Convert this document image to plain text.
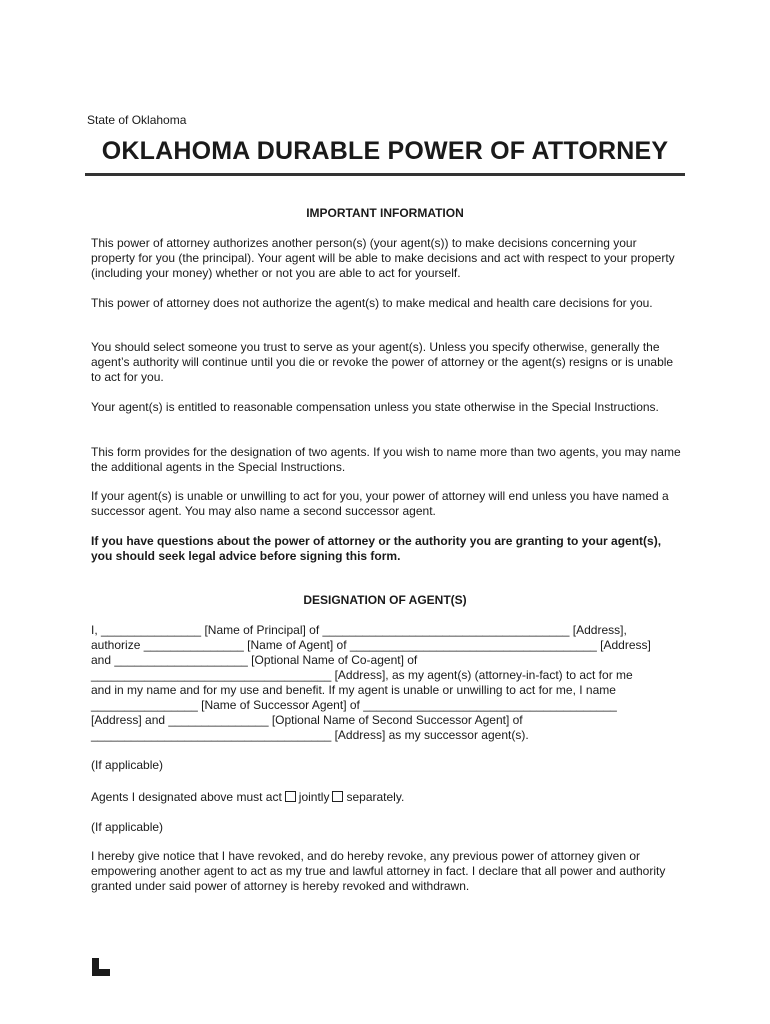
State of Oklahoma
OKLAHOMA DURABLE POWER OF ATTORNEY
IMPORTANT INFORMATION

This power of attorney authorizes another person(s) (your agent(s)) to make decisions concerning your property for you (the principal). Your agent will be able to make decisions and act with respect to your property (including your money) whether or not you are able to act for yourself.

This power of attorney does not authorize the agent(s) to make medical and health care decisions for you.

You should select someone you trust to serve as your agent(s). Unless you specify otherwise, generally the agent’s authority will continue until you die or revoke the power of attorney or the agent(s) resigns or is unable to act for you.

Your agent(s) is entitled to reasonable compensation unless you state otherwise in the Special Instructions.

This form provides for the designation of two agents. If you wish to name more than two agents, you may name the additional agents in the Special Instructions.

If your agent(s) is unable or unwilling to act for you, your power of attorney will end unless you have named a successor agent. You may also name a second successor agent.

If you have questions about the power of attorney or the authority you are granting to your agent(s), you should seek legal advice before signing this form.

DESIGNATION OF AGENT(S)

I, _______________ [Name of Principal] of _____________________________________ [Address],

authorize _______________ [Name of Agent] of _____________________________________ [Address]

and ____________________ [Optional Name of Co-agent] of

____________________________________ [Address], as my agent(s) (attorney-in-fact) to act for me

and in my name and for my use and benefit. If my agent is unable or unwilling to act for me, I name

________________ [Name of Successor Agent] of ______________________________________

[Address] and _______________ [Optional Name of Second Successor Agent] of

____________________________________ [Address] as my successor agent(s).

(If applicable)

Agents I designated above must act jointly separately.

(If applicable)

I hereby give notice that I have revoked, and do hereby revoke, any previous power of attorney given or empowering another agent to act as my true and lawful attorney in fact. I declare that all power and authority granted under said power of attorney is hereby revoked and withdrawn.
